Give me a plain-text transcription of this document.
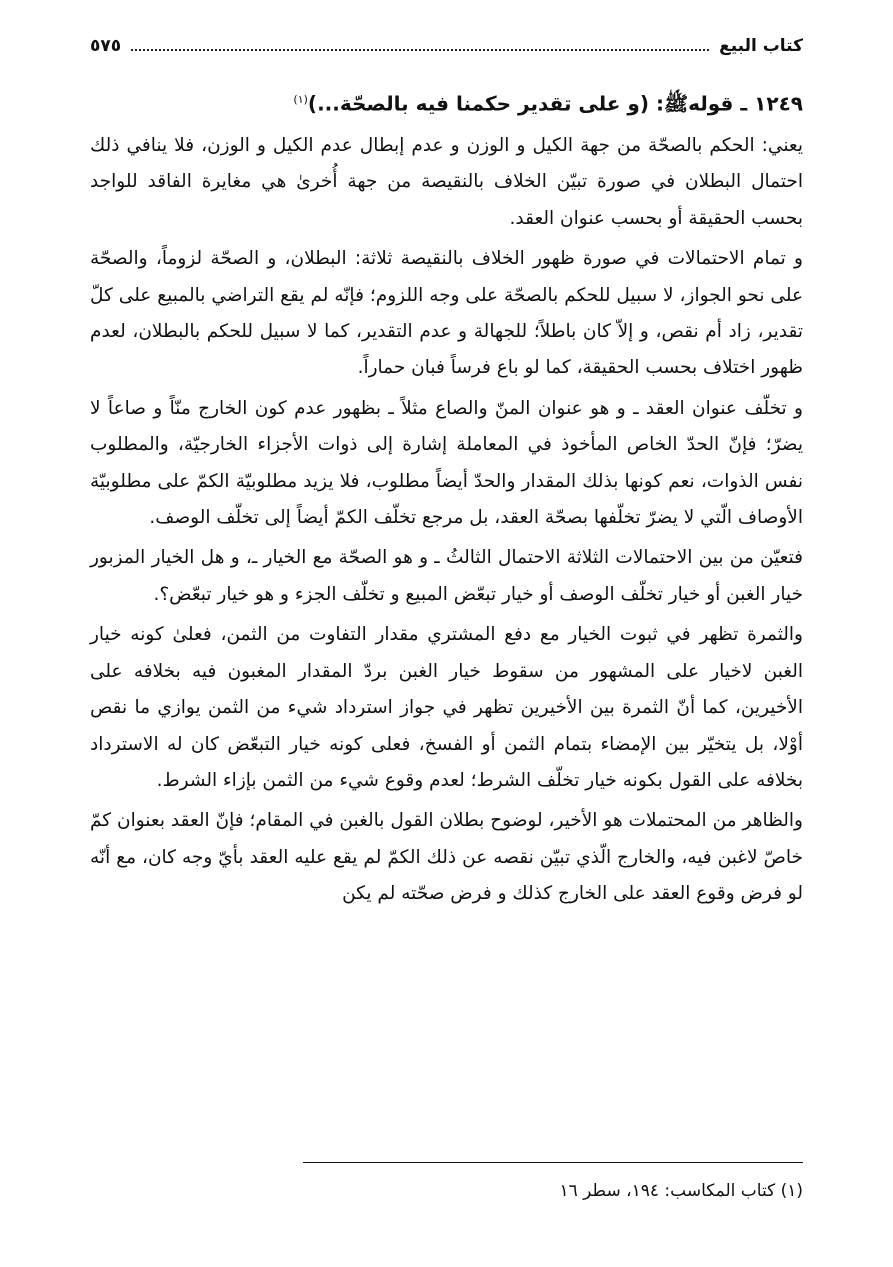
كتاب البيع
٥٧٥
١٢٤٩ ـ قوله‌ﷺ: (و على تقدير حكمنا فيه بالصحّة...)$^{(١)}$

يعني: الحكم بالصحّة من جهة الكيل و الوزن و عدم إبطال عدم الكيل و الوزن، فلا ينافي ذلك احتمال البطلان في صورة تبيّن الخلاف بالنقيصة من جهة أُخرىٰ هي مغايرة الفاقد للواجد بحسب الحقيقة أو بحسب عنوان العقد.

و تمام الاحتمالات في صورة ظهور الخلاف بالنقيصة ثلاثة: البطلان، و الصحّة لزوماً، والصحّة على نحو الجواز، لا سبيل للحكم بالصحّة على وجه اللزوم؛ فإنّه لم يقع التراضي بالمبيع على كلّ تقدير، زاد أم نقص، و إلاّ كان باطلاً؛ للجهالة و عدم التقدير، كما لا سبيل للحكم بالبطلان، لعدم ظهور اختلاف بحسب الحقيقة، كما لو باع فرساً فبان حماراً.

و تخلّف عنوان العقد ـ و هو عنوان المنّ والصاع مثلاً ـ بظهور عدم كون الخارج منّاً و صاعاً لا يضرّ؛ فإنّ الحدّ الخاص المأخوذ في المعاملة إشارة إلى ذوات الأجزاء الخارجيّة، والمطلوب نفس الذوات، نعم كونها بذلك المقدار والحدّ أيضاً مطلوب، فلا يزيد مطلوبيّة الكمّ على مطلوبيّة الأوصاف الّتي لا يضرّ تخلّفها بصحّة العقد، بل مرجع تخلّف الكمّ أيضاً إلى تخلّف الوصف.

فتعيّن من بين الاحتمالات الثلاثة الاحتمال الثالثُ ـ و هو الصحّة مع الخيار ـ، و هل الخيار المزبور خيار الغبن أو خيار تخلّف الوصف أو خيار تبعّض المبيع و تخلّف الجزء و هو خيار تبعّض؟.

والثمرة تظهر في ثبوت الخيار مع دفع المشتري مقدار التفاوت من الثمن، فعلىٰ كونه خيار الغبن لاخيار على المشهور من سقوط خيار الغبن بردّ المقدار المغبون فيه بخلافه على الأخيرين، كما أنّ الثمرة بين الأخيرين تظهر في جواز استرداد شيء من الثمن يوازي ما نقص أوْلا، بل يتخيّر بين الإمضاء بتمام الثمن أو الفسخ، فعلى كونه خيار التبعّض كان له الاسترداد بخلافه على القول بكونه خيار تخلّف الشرط؛ لعدم وقوع شيء من الثمن بإزاء الشرط.

والظاهر من المحتملات هو الأخير، لوضوح بطلان القول بالغبن في المقام؛ فإنّ العقد بعنوان كمّ خاصّ لاغبن فيه، والخارج الّذي تبيّن نقصه عن ذلك الكمّ لم يقع عليه العقد بأيّ وجه كان، مع أنّه لو فرض وقوع العقد على الخارج كذلك و فرض صحّته لم يكن

(١) كتاب المكاسب: ١٩٤، سطر ١٦
